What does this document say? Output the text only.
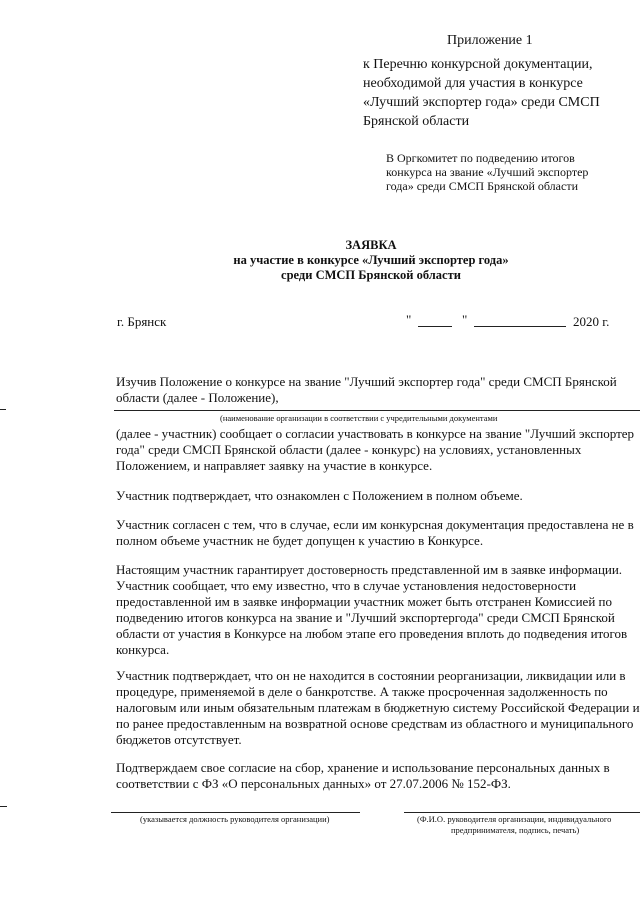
Приложение 1
к Перечню конкурсной документации,
необходимой для участия в конкурсе
«Лучший экспортер года» среди СМСП
Брянской области
В Оргкомитет по подведению итогов
конкурса на звание «Лучший экспортер
года» среди СМСП Брянской области
ЗАЯВКА
на участие в конкурсе «Лучший экспортер года»
среди СМСП Брянской области
г. Брянск	"	"	2020 г.
Изучив Положение о конкурсе на звание "Лучший экспортер года" среди СМСП Брянской
области (далее - Положение),
(наименование организации в соответствии с учредительными документами
(далее - участник) сообщает о согласии участвовать в конкурсе на звание "Лучший экспортер
года" среди СМСП Брянской области (далее - конкурс) на условиях, установленных
Положением, и направляет заявку на участие в конкурсе.
Участник подтверждает, что ознакомлен с Положением в полном объеме.
Участник согласен с тем, что в случае, если им конкурсная документация предоставлена не в
полном объеме участник не будет допущен к участию в Конкурсе.
Настоящим участник гарантирует достоверность представленной им в заявке информации.
Участник сообщает, что ему известно, что в случае установления недостоверности
предоставленной им в заявке информации участник может быть отстранен Комиссией по
подведению итогов конкурса на звание и "Лучший экспортергода" среди СМСП Брянской
области от участия в Конкурсе на любом этапе его проведения вплоть до подведения итогов
конкурса.
Участник подтверждает, что он не находится в состоянии реорганизации, ликвидации или в
процедуре, применяемой в деле о банкротстве. А также просроченная задолженность по
налоговым или иным обязательным платежам в бюджетную систему Российской Федерации и
по ранее предоставленным на возвратной основе средствам из областного и муниципального
бюджетов отсутствует.
Подтверждаем свое согласие на сбор, хранение и использование персональных данных в
соответствии с ФЗ «О персональных данных» от 27.07.2006 № 152-ФЗ.
(указывается должность руководителя организации)	(Ф.И.О. руководителя организации, индивидуального
предпринимателя, подпись, печать)
